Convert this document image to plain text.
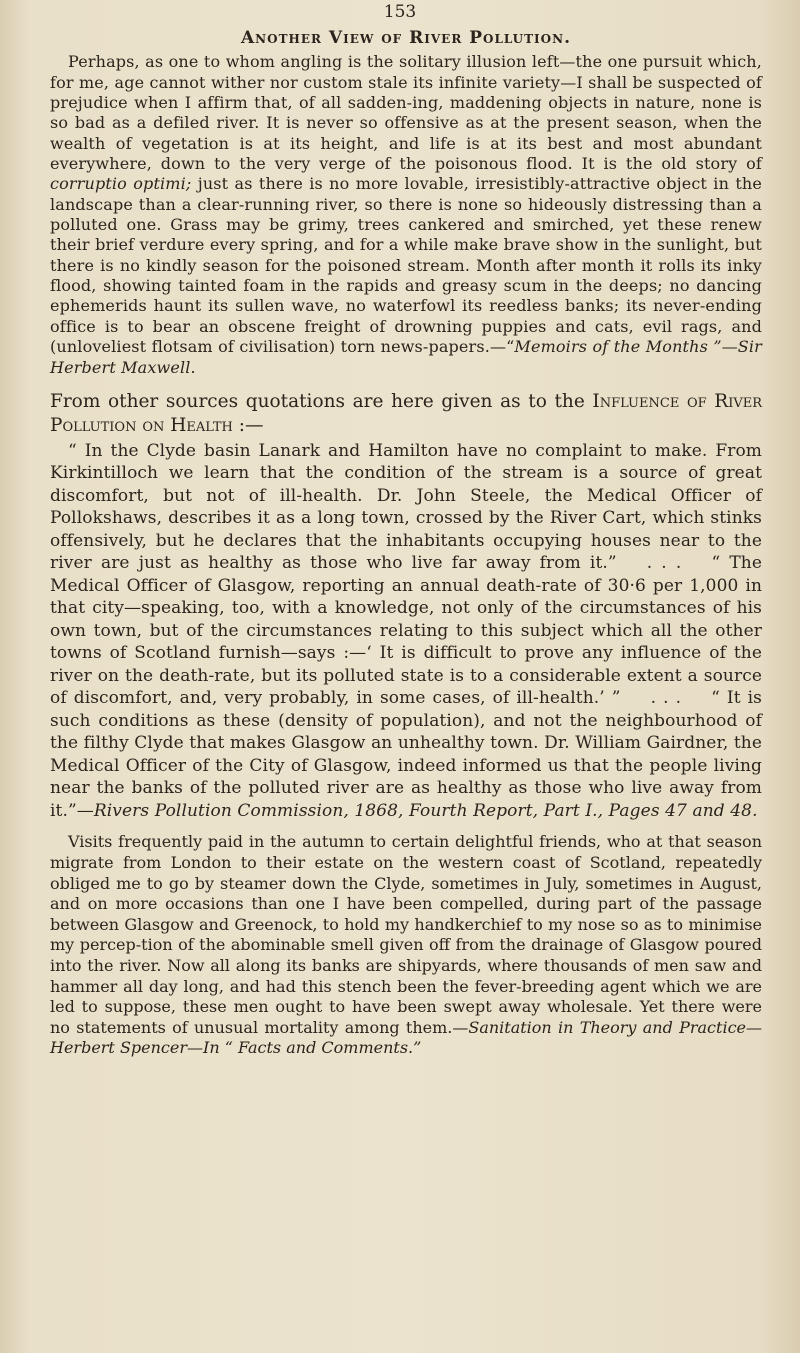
153
Another View of River Pollution.

Perhaps, as one to whom angling is the solitary illusion left—the one pursuit which, for me, age cannot wither nor custom stale its infinite variety—I shall be suspected of prejudice when I affirm that, of all sadden-ing, maddening objects in nature, none is so bad as a defiled river. It is never so offensive as at the present season, when the wealth of vegetation is at its height, and life is at its best and most abundant everywhere, down to the very verge of the poisonous flood. It is the old story of corruptio optimi; just as there is no more lovable, irresistibly-attractive object in the landscape than a clear-running river, so there is none so hideously distressing than a polluted one. Grass may be grimy, trees cankered and smirched, yet these renew their brief verdure every spring, and for a while make brave show in the sunlight, but there is no kindly season for the poisoned stream. Month after month it rolls its inky flood, showing tainted foam in the rapids and greasy scum in the deeps; no dancing ephemerids haunt its sullen wave, no waterfowl its reedless banks; its never-ending office is to bear an obscene freight of drowning puppies and cats, evil rags, and (unloveliest flotsam of civilisation) torn news-papers.—“Memoirs of the Months ”—Sir Herbert Maxwell.

From other sources quotations are here given as to the Influence of River Pollution on Health :—

“ In the Clyde basin Lanark and Hamilton have no complaint to make. From Kirkintilloch we learn that the condition of the stream is a source of great discomfort, but not of ill-health. Dr. John Steele, the Medical Officer of Pollokshaws, describes it as a long town, crossed by the River Cart, which stinks offensively, but he declares that the inhabitants occupying houses near to the river are just as healthy as those who live far away from it.” . . . “ The Medical Officer of Glasgow, reporting an annual death-rate of 30·6 per 1,000 in that city—speaking, too, with a knowledge, not only of the circumstances of his own town, but of the circumstances relating to this subject which all the other towns of Scotland furnish—says :—‘ It is difficult to prove any influence of the river on the death-rate, but its polluted state is to a considerable extent a source of discomfort, and, very probably, in some cases, of ill-health.’ ” . . . “ It is such conditions as these (density of population), and not the neighbourhood of the filthy Clyde that makes Glasgow an unhealthy town. Dr. William Gairdner, the Medical Officer of the City of Glasgow, indeed informed us that the people living near the banks of the polluted river are as healthy as those who live away from it.”—Rivers Pollution Commission, 1868, Fourth Report, Part I., Pages 47 and 48.

Visits frequently paid in the autumn to certain delightful friends, who at that season migrate from London to their estate on the western coast of Scotland, repeatedly obliged me to go by steamer down the Clyde, sometimes in July, sometimes in August, and on more occasions than one I have been compelled, during part of the passage between Glasgow and Greenock, to hold my handkerchief to my nose so as to minimise my percep-tion of the abominable smell given off from the drainage of Glasgow poured into the river. Now all along its banks are shipyards, where thousands of men saw and hammer all day long, and had this stench been the fever-breeding agent which we are led to suppose, these men ought to have been swept away wholesale. Yet there were no statements of unusual mortality among them.—Sanitation in Theory and Practice—Herbert Spencer—In “ Facts and Comments.”
